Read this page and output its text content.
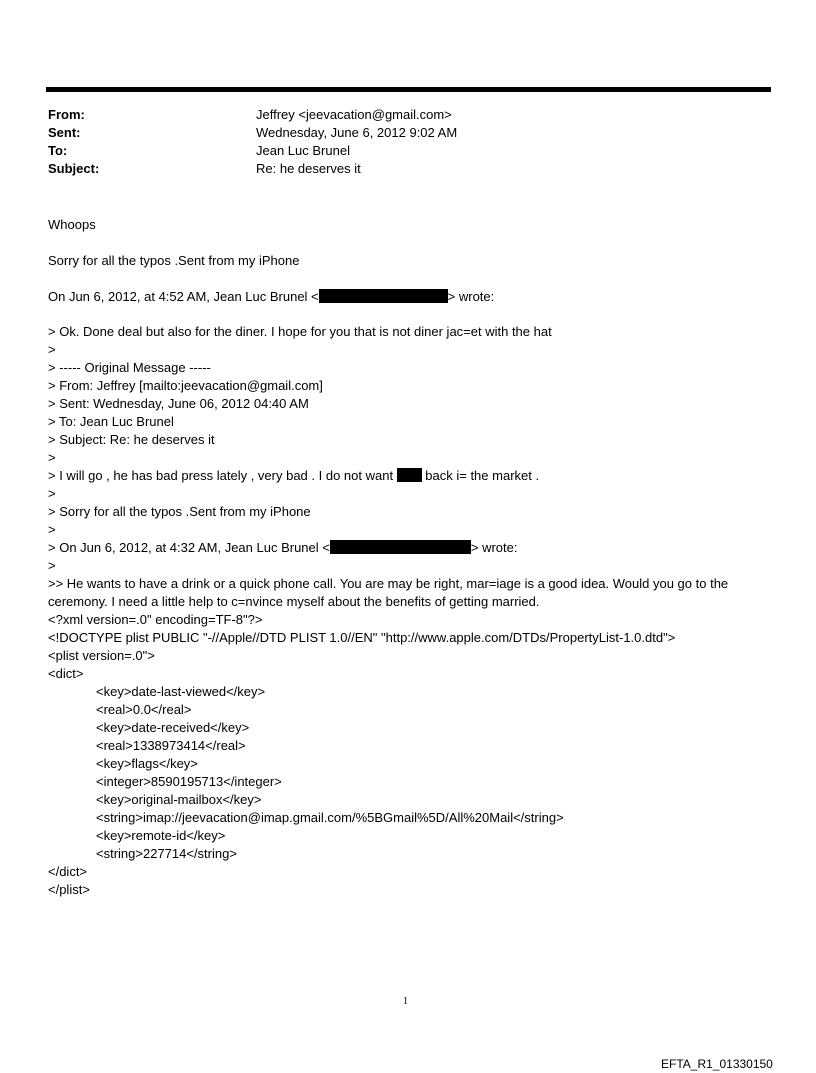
From:	Jeffrey <jeevacation@gmail.com>
Sent:	Wednesday, June 6, 2012 9:02 AM
To:	Jean Luc Brunel
Subject:	Re: he deserves it
Whoops
Sorry for all the typos .Sent from my iPhone
On Jun 6, 2012, at 4:52 AM, Jean Luc Brunel <	> wrote:
> Ok. Done deal but also for the diner. I hope for you that is not diner jac=et with the hat
>
> ----- Original Message -----
> From: Jeffrey [mailto:jeevacation@gmail.com]
> Sent: Wednesday, June 06, 2012 04:40 AM
> To: Jean Luc Brunel
> Subject: Re: he deserves it
>
> I will go , he has bad press lately , very bad . I do not want  back i= the market .
>
> Sorry for all the typos .Sent from my iPhone
>
> On Jun 6, 2012, at 4:32 AM, Jean Luc Brunel <	> wrote:
>
>> He wants to have a drink or a quick phone call. You are may be right, mar=iage is a good idea. Would you go to the ceremony. I need a little help to c=nvince myself about the benefits of getting married.
<?xml version=.0" encoding=TF-8"?>
<!DOCTYPE plist PUBLIC "-//Apple//DTD PLIST 1.0//EN" "http://www.apple.com/DTDs/PropertyList-1.0.dtd">
<plist version=.0">
<dict>
<key>date-last-viewed</key>
<real>0.0</real>
<key>date-received</key>
<real>1338973414</real>
<key>flags</key>
<integer>8590195713</integer>
<key>original-mailbox</key>
<string>imap://jeevacation@imap.gmail.com/%5BGmail%5D/All%20Mail</string>
<key>remote-id</key>
<string>227714</string>
</dict>
</plist>
1
EFTA_R1_01330150
